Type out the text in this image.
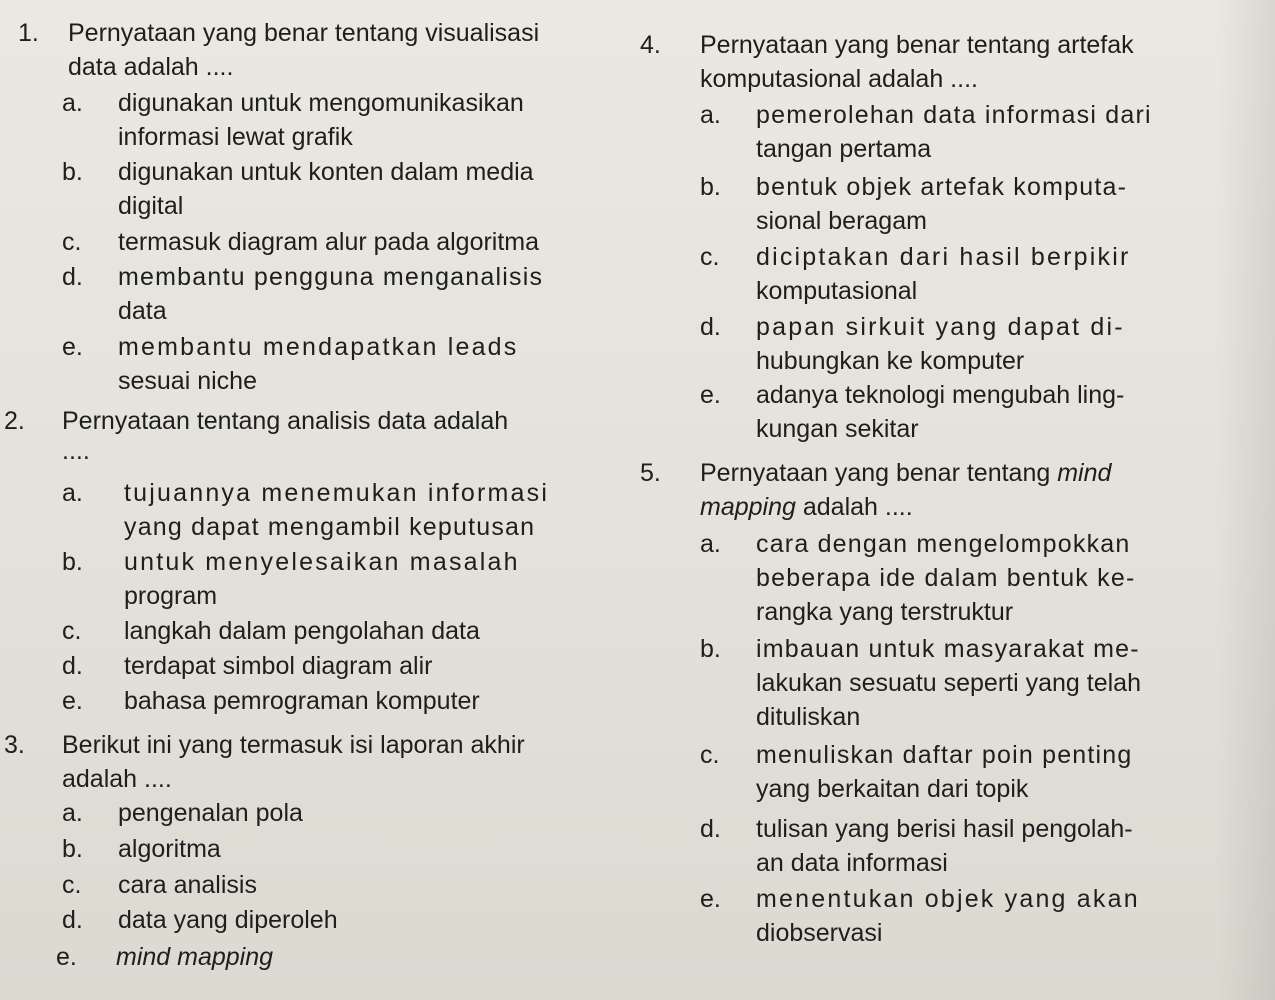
1. Pernyataan yang benar tentang visualisasi
data adalah ....
a. digunakan untuk mengomunikasikan
informasi lewat grafik
b. digunakan untuk konten dalam media
digital
c. termasuk diagram alur pada algoritma
d. membantu pengguna menganalisis
data
e. membantu mendapatkan leads
sesuai niche
2. Pernyataan tentang analisis data adalah
....
a. tujuannya menemukan informasi
yang dapat mengambil keputusan
b. untuk menyelesaikan masalah
program
c. langkah dalam pengolahan data
d. terdapat simbol diagram alir
e. bahasa pemrograman komputer
3. Berikut ini yang termasuk isi laporan akhir
adalah ....
a. pengenalan pola
b. algoritma
c. cara analisis
d. data yang diperoleh
e. mind mapping
4. Pernyataan yang benar tentang artefak
komputasional adalah ....
a. pemerolehan data informasi dari
tangan pertama
b. bentuk objek artefak komputa-
sional beragam
c. diciptakan dari hasil berpikir
komputasional
d. papan sirkuit yang dapat di-
hubungkan ke komputer
e. adanya teknologi mengubah ling-
kungan sekitar
5. Pernyataan yang benar tentang mind
mapping adalah ....
a. cara dengan mengelompokkan
beberapa ide dalam bentuk ke-
rangka yang terstruktur
b. imbauan untuk masyarakat me-
lakukan sesuatu seperti yang telah
dituliskan
c. menuliskan daftar poin penting
yang berkaitan dari topik
d. tulisan yang berisi hasil pengolah-
an data informasi
e. menentukan objek yang akan
diobservasi
